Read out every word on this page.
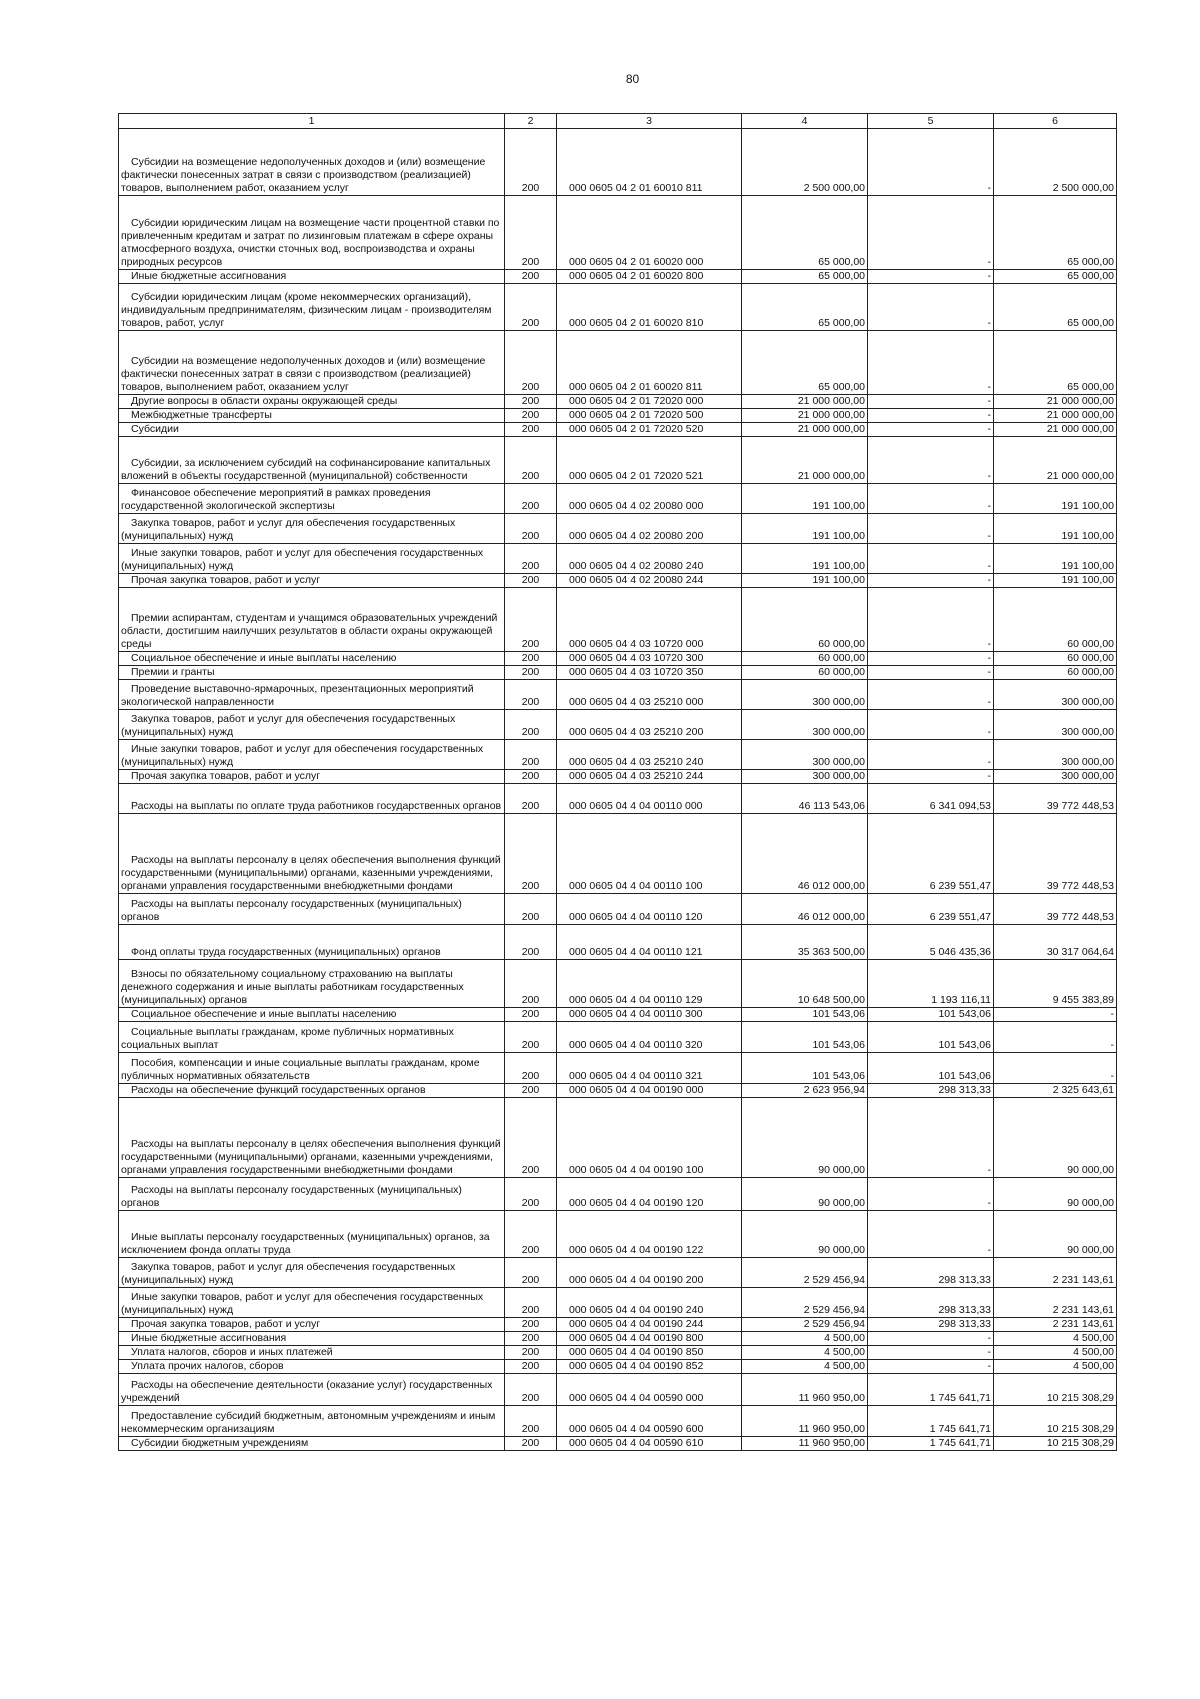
80
1	2	3	4	5	6
Субсидии на возмещение недополученных доходов и (или) возмещение фактически понесенных затрат в связи с производством (реализацией) товаров, выполнением работ, оказанием услуг	200	000 0605 04 2 01 60010 811	2 500 000,00	-	2 500 000,00
Субсидии юридическим лицам на возмещение части процентной ставки по привлеченным кредитам и затрат по лизинговым платежам в сфере охраны атмосферного воздуха, очистки сточных вод, воспроизводства и охраны природных ресурсов	200	000 0605 04 2 01 60020 000	65 000,00	-	65 000,00
Иные бюджетные ассигнования	200	000 0605 04 2 01 60020 800	65 000,00	-	65 000,00
Субсидии юридическим лицам (кроме некоммерческих организаций), индивидуальным предпринимателям, физическим лицам - производителям товаров, работ, услуг	200	000 0605 04 2 01 60020 810	65 000,00	-	65 000,00
Субсидии на возмещение недополученных доходов и (или) возмещение фактически понесенных затрат в связи с производством (реализацией) товаров, выполнением работ, оказанием услуг	200	000 0605 04 2 01 60020 811	65 000,00	-	65 000,00
Другие вопросы в области охраны окружающей среды	200	000 0605 04 2 01 72020 000	21 000 000,00	-	21 000 000,00
Межбюджетные трансферты	200	000 0605 04 2 01 72020 500	21 000 000,00	-	21 000 000,00
Субсидии	200	000 0605 04 2 01 72020 520	21 000 000,00	-	21 000 000,00
Субсидии, за исключением субсидий на софинансирование капитальных вложений в объекты государственной (муниципальной) собственности	200	000 0605 04 2 01 72020 521	21 000 000,00	-	21 000 000,00
Финансовое обеспечение мероприятий в рамках проведения государственной экологической экспертизы	200	000 0605 04 4 02 20080 000	191 100,00	-	191 100,00
Закупка товаров, работ и услуг для обеспечения государственных (муниципальных) нужд	200	000 0605 04 4 02 20080 200	191 100,00	-	191 100,00
Иные закупки товаров, работ и услуг для обеспечения государственных (муниципальных) нужд	200	000 0605 04 4 02 20080 240	191 100,00	-	191 100,00
Прочая закупка товаров, работ и услуг	200	000 0605 04 4 02 20080 244	191 100,00	-	191 100,00
Премии аспирантам, студентам и учащимся образовательных учреждений области, достигшим наилучших результатов в области охраны окружающей среды	200	000 0605 04 4 03 10720 000	60 000,00	-	60 000,00
Социальное обеспечение и иные выплаты населению	200	000 0605 04 4 03 10720 300	60 000,00	-	60 000,00
Премии и гранты	200	000 0605 04 4 03 10720 350	60 000,00	-	60 000,00
Проведение выставочно-ярмарочных, презентационных мероприятий экологической направленности	200	000 0605 04 4 03 25210 000	300 000,00	-	300 000,00
Закупка товаров, работ и услуг для обеспечения государственных (муниципальных) нужд	200	000 0605 04 4 03 25210 200	300 000,00	-	300 000,00
Иные закупки товаров, работ и услуг для обеспечения государственных (муниципальных) нужд	200	000 0605 04 4 03 25210 240	300 000,00	-	300 000,00
Прочая закупка товаров, работ и услуг	200	000 0605 04 4 03 25210 244	300 000,00	-	300 000,00
Расходы на выплаты по оплате труда работников государственных органов	200	000 0605 04 4 04 00110 000	46 113 543,06	6 341 094,53	39 772 448,53
Расходы на выплаты персоналу в целях обеспечения выполнения функций государственными (муниципальными) органами, казенными учреждениями, органами управления государственными внебюджетными фондами	200	000 0605 04 4 04 00110 100	46 012 000,00	6 239 551,47	39 772 448,53
Расходы на выплаты персоналу государственных (муниципальных) органов	200	000 0605 04 4 04 00110 120	46 012 000,00	6 239 551,47	39 772 448,53
Фонд оплаты труда государственных (муниципальных) органов	200	000 0605 04 4 04 00110 121	35 363 500,00	5 046 435,36	30 317 064,64
Взносы по обязательному социальному страхованию на выплаты денежного содержания и иные выплаты работникам государственных (муниципальных) органов	200	000 0605 04 4 04 00110 129	10 648 500,00	1 193 116,11	9 455 383,89
Социальное обеспечение и иные выплаты населению	200	000 0605 04 4 04 00110 300	101 543,06	101 543,06	-
Социальные выплаты гражданам, кроме публичных нормативных социальных выплат	200	000 0605 04 4 04 00110 320	101 543,06	101 543,06	-
Пособия, компенсации и иные социальные выплаты гражданам, кроме публичных нормативных обязательств	200	000 0605 04 4 04 00110 321	101 543,06	101 543,06	-
Расходы на обеспечение функций государственных органов	200	000 0605 04 4 04 00190 000	2 623 956,94	298 313,33	2 325 643,61
Расходы на выплаты персоналу в целях обеспечения выполнения функций государственными (муниципальными) органами, казенными учреждениями, органами управления государственными внебюджетными фондами	200	000 0605 04 4 04 00190 100	90 000,00	-	90 000,00
Расходы на выплаты персоналу государственных (муниципальных) органов	200	000 0605 04 4 04 00190 120	90 000,00	-	90 000,00
Иные выплаты персоналу государственных (муниципальных) органов, за исключением фонда оплаты труда	200	000 0605 04 4 04 00190 122	90 000,00	-	90 000,00
Закупка товаров, работ и услуг для обеспечения государственных (муниципальных) нужд	200	000 0605 04 4 04 00190 200	2 529 456,94	298 313,33	2 231 143,61
Иные закупки товаров, работ и услуг для обеспечения государственных (муниципальных) нужд	200	000 0605 04 4 04 00190 240	2 529 456,94	298 313,33	2 231 143,61
Прочая закупка товаров, работ и услуг	200	000 0605 04 4 04 00190 244	2 529 456,94	298 313,33	2 231 143,61
Иные бюджетные ассигнования	200	000 0605 04 4 04 00190 800	4 500,00	-	4 500,00
Уплата налогов, сборов и иных платежей	200	000 0605 04 4 04 00190 850	4 500,00	-	4 500,00
Уплата прочих налогов, сборов	200	000 0605 04 4 04 00190 852	4 500,00	-	4 500,00
Расходы на обеспечение деятельности (оказание услуг) государственных учреждений	200	000 0605 04 4 04 00590 000	11 960 950,00	1 745 641,71	10 215 308,29
Предоставление субсидий бюджетным, автономным учреждениям и иным некоммерческим организациям	200	000 0605 04 4 04 00590 600	11 960 950,00	1 745 641,71	10 215 308,29
Субсидии бюджетным учреждениям	200	000 0605 04 4 04 00590 610	11 960 950,00	1 745 641,71	10 215 308,29
